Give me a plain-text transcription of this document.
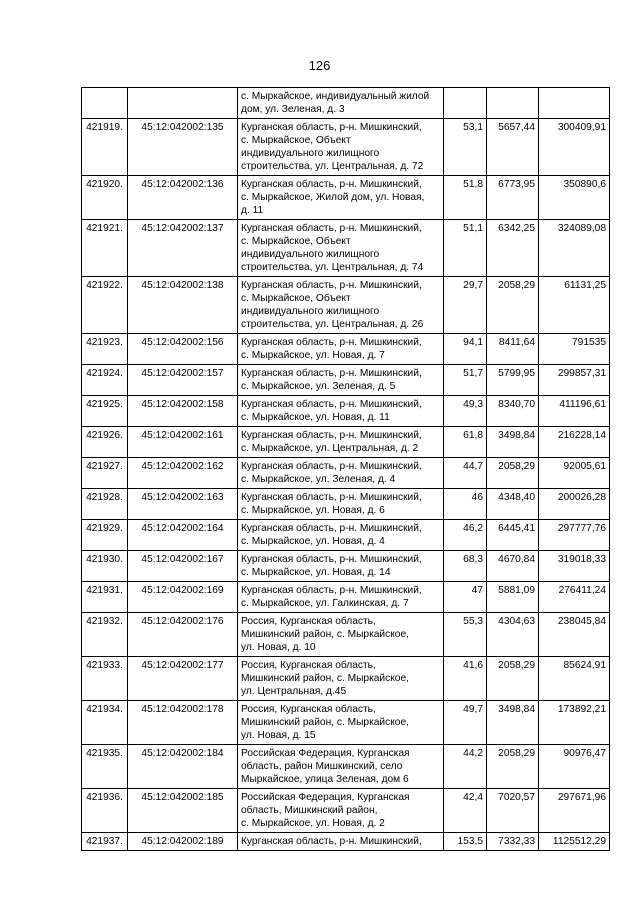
126
		с. Мыркайское, индивидуальный жилой
дом, ул. Зеленая, д. 3			
421919.	45:12:042002:135	Курганская область, р-н. Мишкинский,
с. Мыркайское, Объект
индивидуального жилищного
строительства, ул. Центральная, д. 72	53,1	5657,44	300409,91
421920.	45:12:042002:136	Курганская область, р-н. Мишкинский,
с. Мыркайское, Жилой дом, ул. Новая,
д. 11	51,8	6773,95	350890,6
421921.	45:12:042002:137	Курганская область, р-н. Мишкинский,
с. Мыркайское, Объект
индивидуального жилищного
строительства, ул. Центральная, д. 74	51,1	6342,25	324089,08
421922.	45:12:042002:138	Курганская область, р-н. Мишкинский,
с. Мыркайское, Объект
индивидуального жилищного
строительства, ул. Центральная, д. 26	29,7	2058,29	61131,25
421923.	45:12:042002:156	Курганская область, р-н. Мишкинский,
с. Мыркайское, ул. Новая, д. 7	94,1	8411,64	791535
421924.	45:12:042002:157	Курганская область, р-н. Мишкинский,
с. Мыркайское, ул. Зеленая, д. 5	51,7	5799,95	299857,31
421925.	45:12:042002:158	Курганская область, р-н. Мишкинский,
с. Мыркайское, ул. Новая, д. 11	49,3	8340,70	411196,61
421926.	45:12:042002:161	Курганская область, р-н. Мишкинский,
с. Мыркайское, ул. Центральная, д. 2	61,8	3498,84	216228,14
421927.	45:12:042002:162	Курганская область, р-н. Мишкинский,
с. Мыркайское, ул. Зеленая, д. 4	44,7	2058,29	92005,61
421928.	45:12:042002:163	Курганская область, р-н. Мишкинский,
с. Мыркайское, ул. Новая, д. 6	46	4348,40	200026,28
421929.	45:12:042002:164	Курганская область, р-н. Мишкинский,
с. Мыркайское, ул. Новая, д. 4	46,2	6445,41	297777,76
421930.	45:12:042002:167	Курганская область, р-н. Мишкинский,
с. Мыркайское, ул. Новая, д. 14	68,3	4670,84	319018,33
421931.	45:12:042002:169	Курганская область, р-н. Мишкинский,
с. Мыркайское, ул. Галкинская, д. 7	47	5881,09	276411,24
421932.	45:12:042002:176	Россия, Курганская область,
Мишкинский район, с. Мыркайское,
ул. Новая, д. 10	55,3	4304,63	238045,84
421933.	45:12:042002:177	Россия, Курганская область,
Мишкинский район, с. Мыркайское,
ул. Центральная, д.45	41,6	2058,29	85624,91
421934.	45:12:042002:178	Россия, Курганская область,
Мишкинский район, с. Мыркайское,
ул. Новая, д. 15	49,7	3498,84	173892,21
421935.	45:12:042002:184	Российская Федерация, Курганская
область, район Мишкинский, село
Мыркайское, улица Зеленая, дом 6	44,2	2058,29	90976,47
421936.	45:12:042002:185	Российская Федерация, Курганская
область, Мишкинский район,
с. Мыркайское, ул. Новая, д. 2	42,4	7020,57	297671,96
421937.	45:12:042002:189	Курганская область, р-н. Мишкинский,	153,5	7332,33	1125512,29
